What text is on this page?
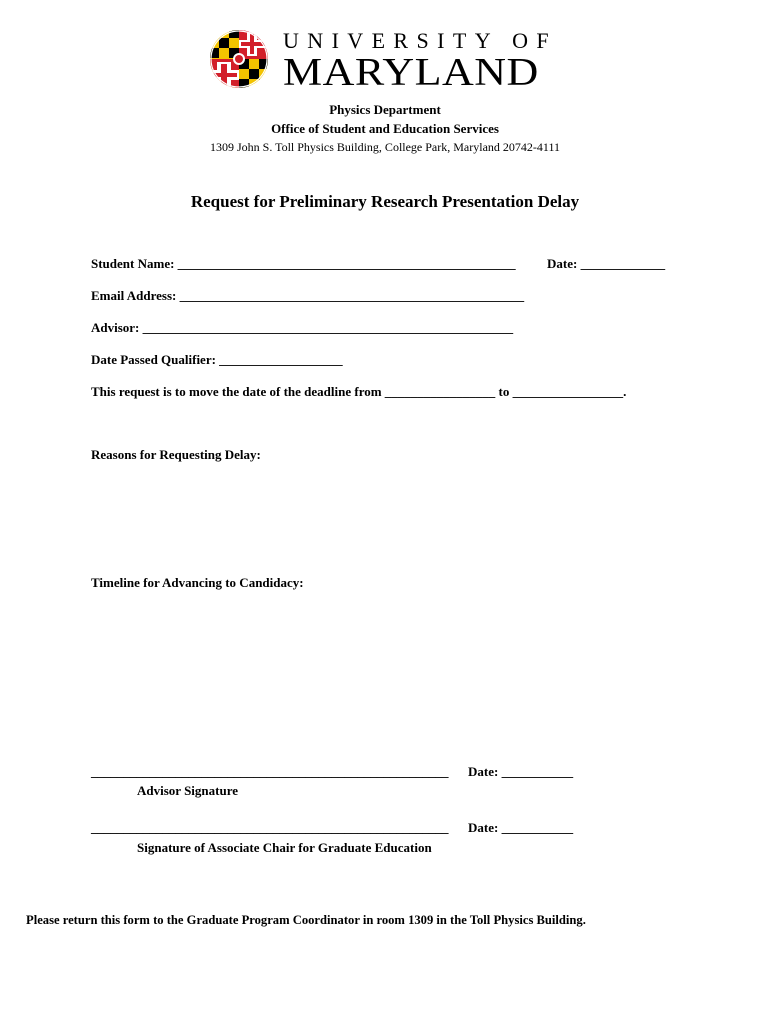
UNIVERSITY OF
MARYLAND
Physics Department
Office of Student and Education Services
1309 John S. Toll Physics Building, College Park, Maryland 20742-4111
Request for Preliminary Research Presentation Delay
Student Name: ____________________________________________________ Date: _____________
Email Address: _____________________________________________________
Advisor: _________________________________________________________
Date Passed Qualifier: ___________________
This request is to move the date of the deadline from _________________ to _________________.
Reasons for Requesting Delay:
Timeline for Advancing to Candidacy:
_______________________________________________________ Date: ___________
Advisor Signature
_______________________________________________________ Date: ___________
Signature of Associate Chair for Graduate Education
Please return this form to the Graduate Program Coordinator in room 1309 in the Toll Physics Building.
